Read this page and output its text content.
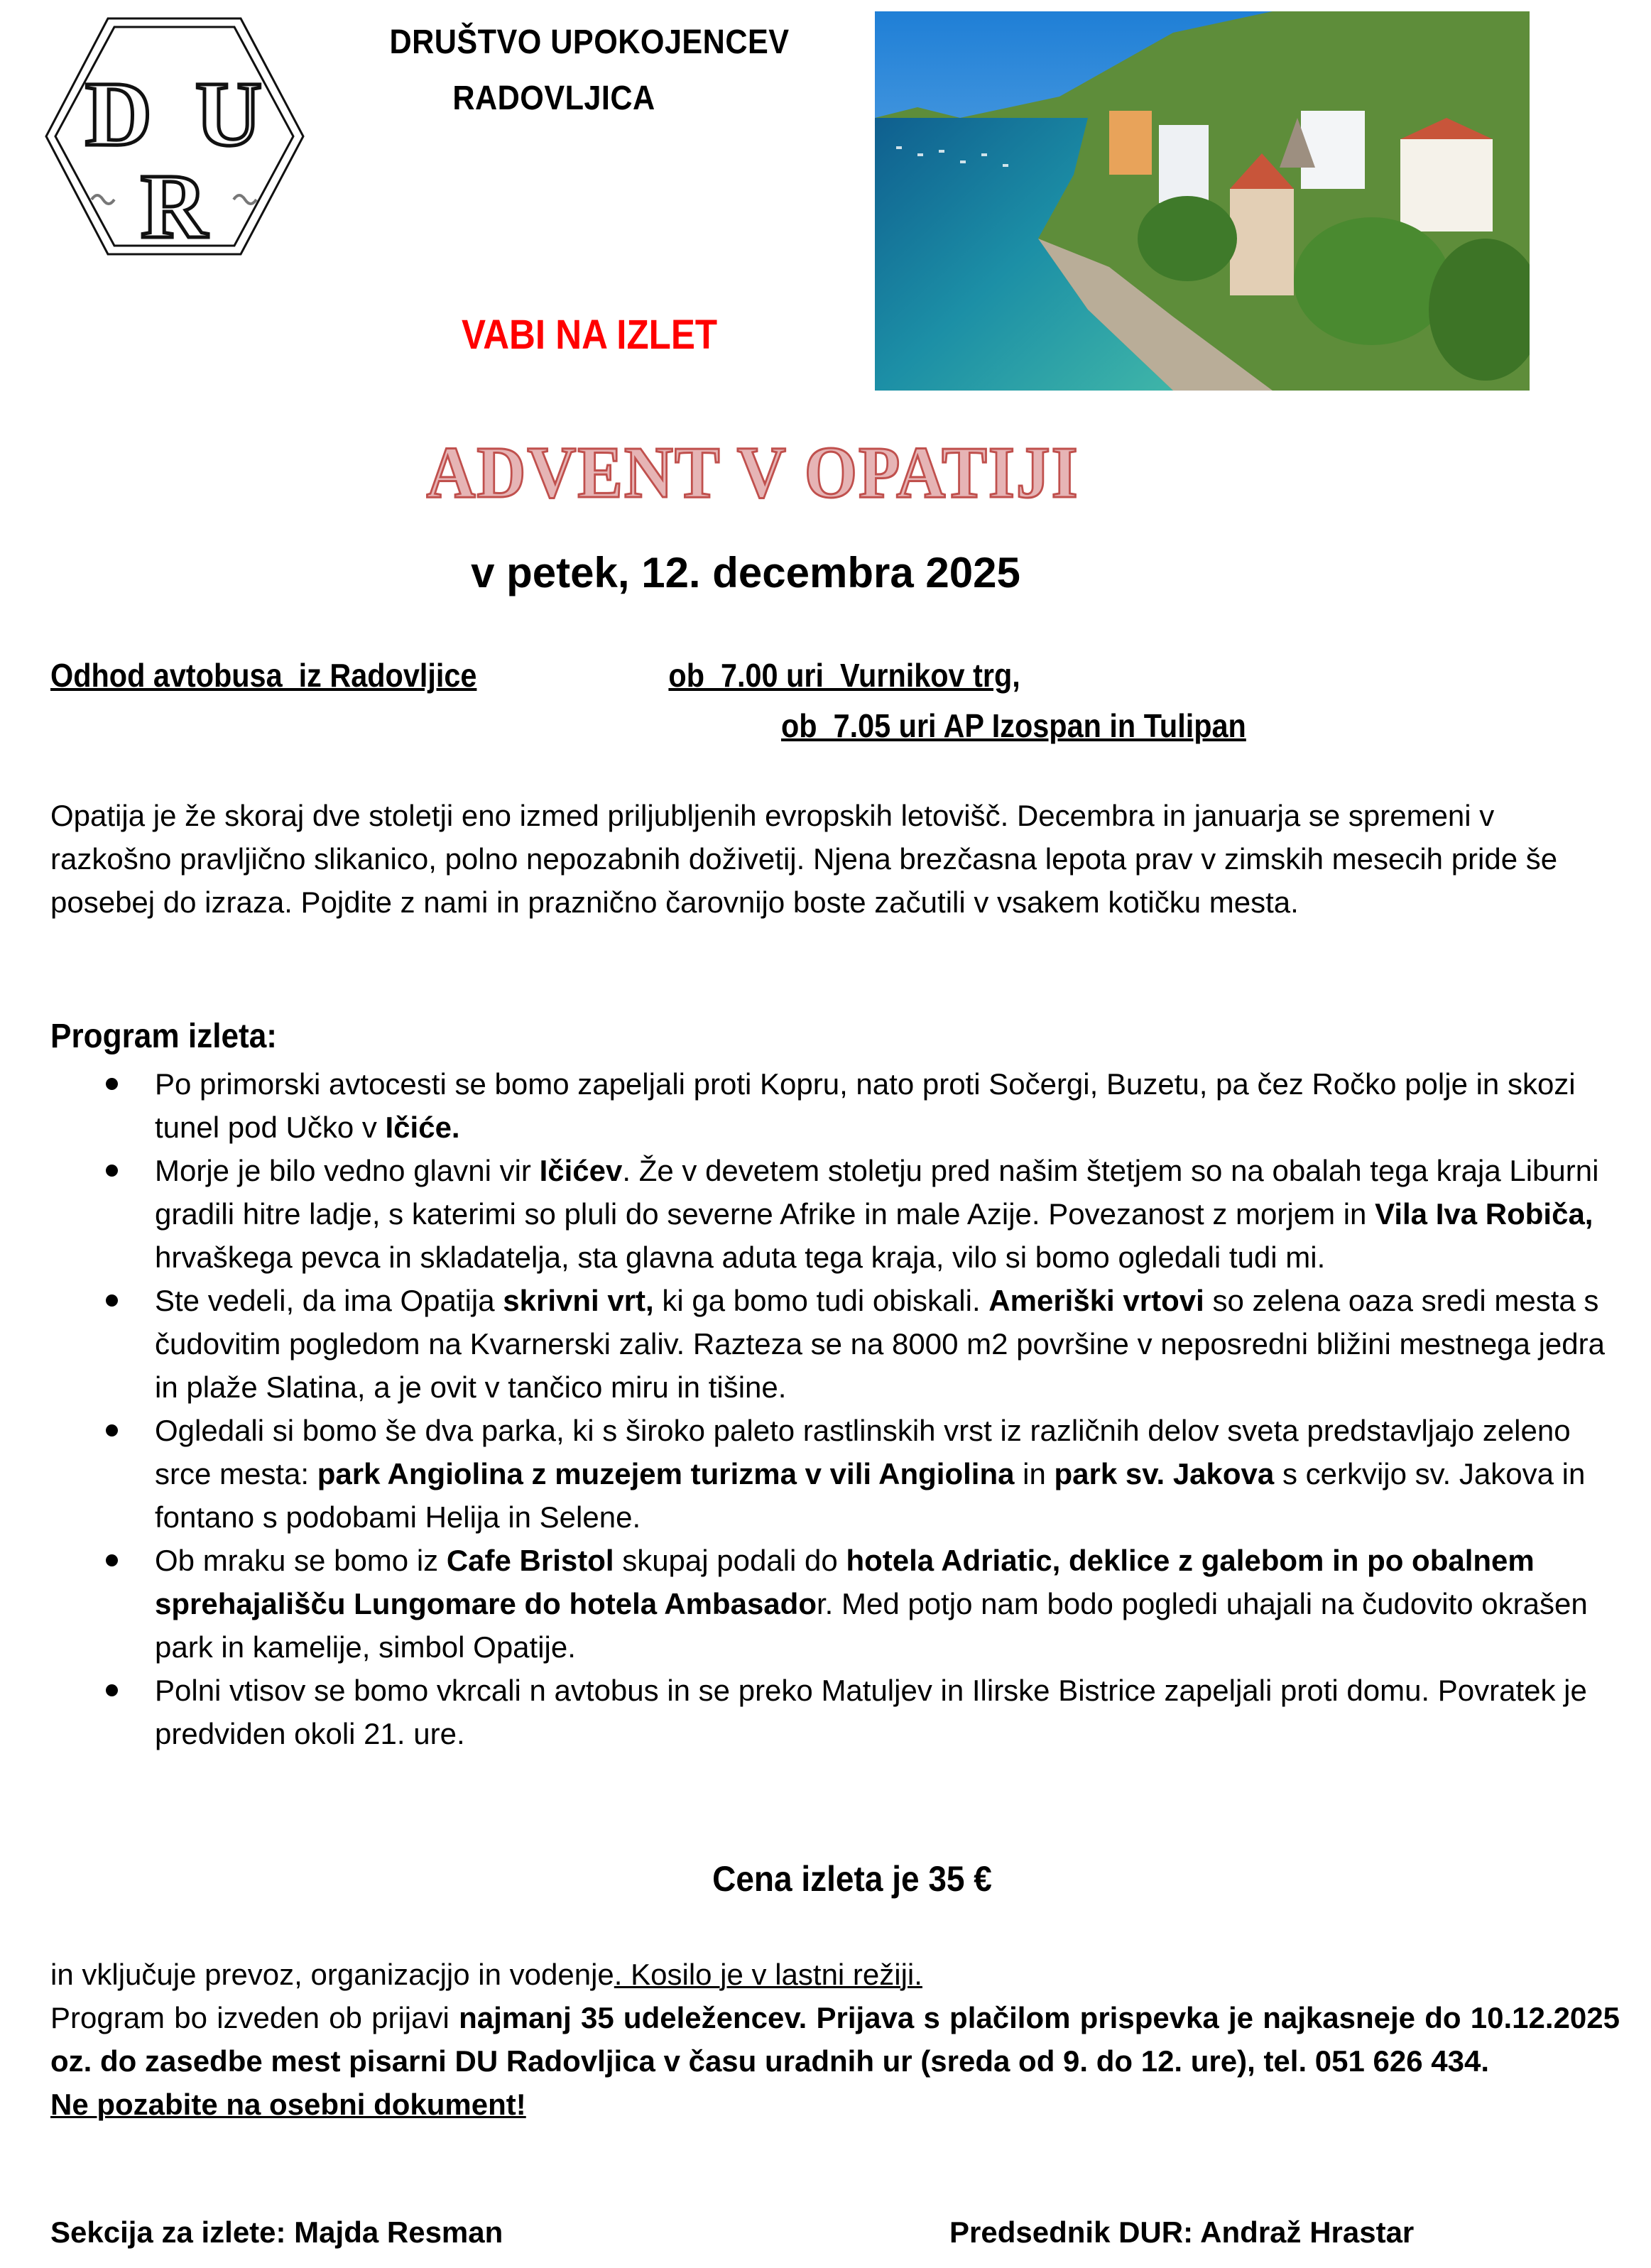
D U
R
DRUŠTVO UPOKOJENCEV
RADOVLJICA
VABI NA IZLET
ADVENT V OPATIJI
v petek, 12. decembra 2025
Odhod avtobusa  iz Radovljice	ob  7.00 uri  Vurnikov trg,
ob  7.05 uri AP Izospan in Tulipan
Opatija je že skoraj dve stoletji eno izmed priljubljenih evropskih letovišč. Decembra in januarja se spremeni v razkošno pravljično slikanico, polno nepozabnih doživetij. Njena brezčasna lepota prav v zimskih mesecih pride še posebej do izraza. Pojdite z nami in praznično čarovnijo boste začutili v vsakem kotičku mesta.
Program izleta:
Po primorski avtocesti se bomo zapeljali proti Kopru, nato proti Sočergi, Buzetu, pa čez Ročko polje in skozi tunel pod Učko v Ičiće.
Morje je bilo vedno glavni vir Ičićev. Že v devetem stoletju pred našim štetjem so na obalah tega kraja Liburni gradili hitre ladje, s katerimi so pluli do severne Afrike in male Azije. Povezanost z morjem in Vila Iva Robiča, hrvaškega pevca in skladatelja, sta glavna aduta tega kraja, vilo si bomo ogledali tudi mi.
Ste vedeli, da ima Opatija skrivni vrt, ki ga bomo tudi obiskali. Ameriški vrtovi so zelena oaza sredi mesta s čudovitim pogledom na Kvarnerski zaliv. Razteza se na 8000 m2 površine v neposredni bližini mestnega jedra in plaže Slatina, a je ovit v tančico miru in tišine.
Ogledali si bomo še dva parka, ki s široko paleto rastlinskih vrst iz različnih delov sveta predstavljajo zeleno srce mesta: park Angiolina z muzejem turizma v vili Angiolina in park sv. Jakova s cerkvijo sv. Jakova in fontano s podobami Helija in Selene.
Ob mraku se bomo iz Cafe Bristol skupaj podali do hotela Adriatic, deklice z galebom in po obalnem sprehajališču Lungomare do hotela Ambasador. Med potjo nam bodo pogledi uhajali na čudovito okrašen park in kamelije, simbol Opatije.
Polni vtisov se bomo vkrcali n avtobus in se preko Matuljev in Ilirske Bistrice zapeljali proti domu. Povratek je predviden okoli 21. ure.
Cena izleta je 35 €

in vključuje prevoz, organizacjjo in vodenje. Kosilo je v lastni režiji.

Program bo izveden ob prijavi najmanj 35 udeležencev. Prijava s plačilom prispevka je najkasneje do 10.12.2025 oz. do zasedbe mest pisarni DU Radovljica v času uradnih ur (sreda od 9. do 12. ure), tel. 051 626 434.

Ne pozabite na osebni dokument!

Sekcija za izlete: Majda Resman	Predsednik DUR: Andraž Hrastar
